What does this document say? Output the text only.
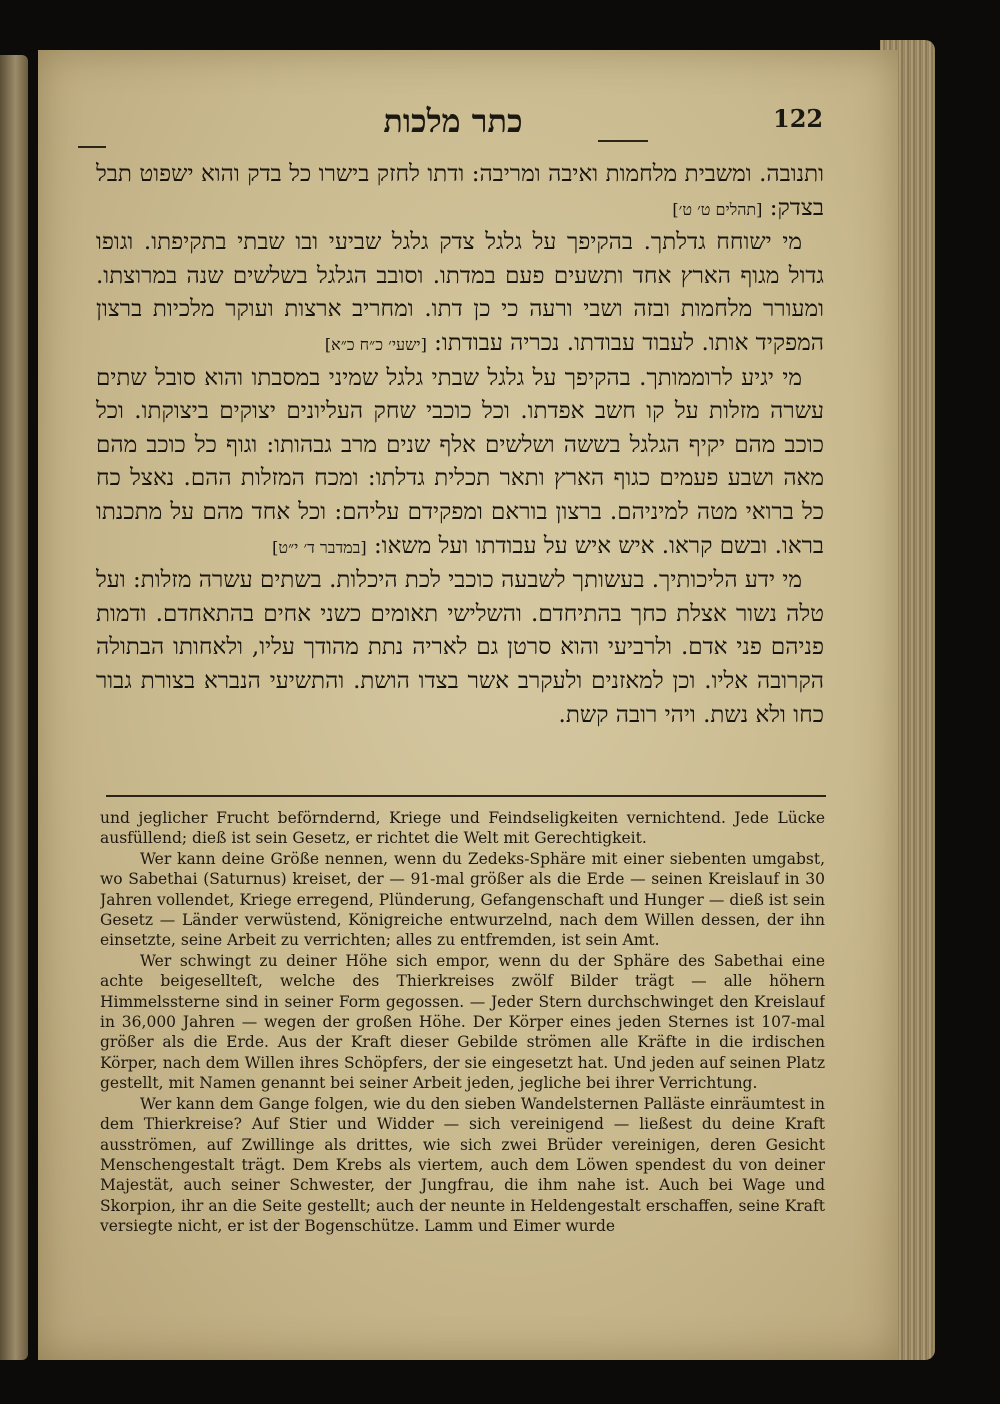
כתר מלכות	122

ותנובה. ומשבית מלחמות ואיבה ומריבה: ודתו לחזק בישרו כל בדק והוא ישפוט תבל בצדק: [תהלים ט׳ ט׳]

מי ישוחח גדלתך. בהקיפך על גלגל צדק גלגל שביעי ובו שבתי בתקיפתו. וגופו גדול מגוף הארץ אחד ותשעים פעם במדתו. וסובב הגלגל בשלשים שנה במרוצתו. ומעורר מלחמות ובזה ושבי ורעה כי כן דתו. ומחריב ארצות ועוקר מלכיות ברצון המפקיד אותו. לעבוד עבודתו. נכריה עבודתו: [ישעי׳ כ״ח כ״א]

מי יגיע לרוממותך. בהקיפך על גלגל שבתי גלגל שמיני במסבתו והוא סובל שתים עשרה מזלות על קו חשב אפדתו. וכל כוכבי שחק העליונים יצוקים ביצוקתו. וכל כוכב מהם יקיף הגלגל בששה ושלשים אלף שנים מרב גבהותו: וגוף כל כוכב מהם מאה ושבע פעמים כגוף הארץ ותאר תכלית גדלתו: ומכח המזלות ההם. נאצל כח כל ברואי מטה למיניהם. ברצון בוראם ומפקידם עליהם: וכל אחד מהם על מתכנתו בראו. ובשם קראו. איש איש על עבודתו ועל משאו: [במדבר ד׳ י״ט]

מי ידע הליכותיך. בעשותך לשבעה כוכבי לכת היכלות. בשתים עשרה מזלות: ועל טלה נשור אצלת כחך בהתיחדם. והשלישי תאומים כשני אחים בהתאחדם. ודמות פניהם פני אדם. ולרביעי והוא סרטן גם לאריה נתת מהודך עליו, ולאחותו הבתולה הקרובה אליו. וכן למאזנים ולעקרב אשר בצדו הושת. והתשיעי הנברא בצורת גבור כחו ולא נשת. ויהי רובה קשת.

und jeglicher Frucht beförndernd, Kriege und Feindseligkeiten vernichtend. Jede Lücke ausfüllend; dieß ist sein Gesetz, er richtet die Welt mit Gerechtigkeit.

Wer kann deine Größe nennen, wenn du Zedeks-Sphäre mit einer siebenten umgabst, wo Sabethai (Saturnus) kreiset, der — 91-mal größer als die Erde — seinen Kreislauf in 30 Jahren vollendet, Kriege erregend, Plünderung, Gefangenschaft und Hunger — dieß ist sein Gesetz — Länder verwüstend, Königreiche entwurzelnd, nach dem Willen dessen, der ihn einsetzte, seine Arbeit zu verrichten; alles zu entfremden, ist sein Amt.

Wer schwingt zu deiner Höhe sich empor, wenn du der Sphäre des Sabethai eine achte beigesellteſt, welche des Thierkreises zwölf Bilder trägt — alle höhern Himmelssterne sind in seiner Form gegossen. — Jeder Stern durchschwinget den Kreislauf in 36,000 Jahren — wegen der großen Höhe. Der Körper eines jeden Sternes ist 107-mal größer als die Erde. Aus der Kraft dieser Gebilde strömen alle Kräfte in die irdischen Körper, nach dem Willen ihres Schöpfers, der sie eingesetzt hat. Und jeden auf seinen Platz gestellt, mit Namen genannt bei seiner Arbeit jeden, jegliche bei ihrer Verrichtung.

Wer kann dem Gange folgen, wie du den sieben Wandelsternen Palläste einräumtest in dem Thierkreise? Auf Stier und Widder — sich vereinigend — ließest du deine Kraft ausströmen, auf Zwillinge als drittes, wie sich zwei Brüder vereinigen, deren Gesicht Menschengestalt trägt. Dem Krebs als viertem, auch dem Löwen spendest du von deiner Majestät, auch seiner Schwester, der Jungfrau, die ihm nahe ist. Auch bei Wage und Skorpion, ihr an die Seite gestellt; auch der neunte in Heldengestalt erschaffen, seine Kraft versiegte nicht, er ist der Bogenschütze. Lamm und Eimer wurde
